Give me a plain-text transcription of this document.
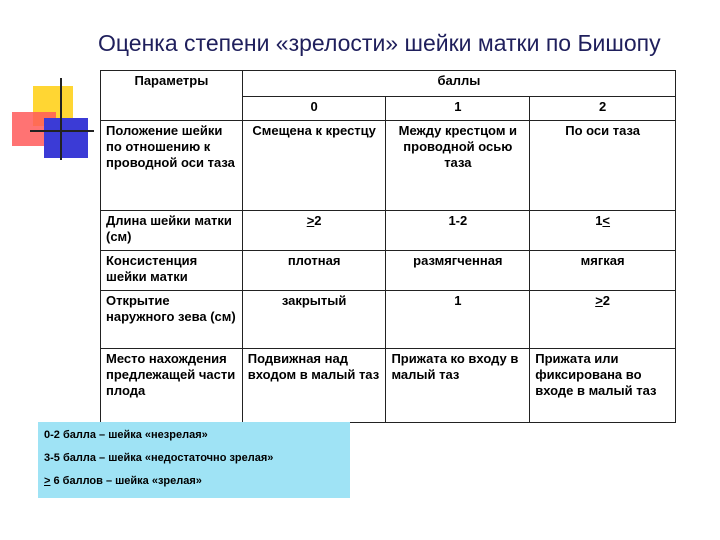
Оценка степени «зрелости» шейки матки по Бишопу
Параметры	баллы		
	0	1	2
Положение шейки по отношению к проводной оси таза	Смещена к крестцу	Между крестцом и проводной осью таза	По оси таза
Длина шейки матки (см)	≥2	1-2	1<
Консистенция шейки матки	плотная	размягченная	мягкая
Открытие наружного зева (см)	закрытый	1	≥2
Место нахождения предлежащей части плода	Подвижная над входом в малый таз	Прижата ко входу в малый таз	Прижата или фиксирована во входе в малый таз
0-2 балла – шейка «незрелая»
3-5 балла – шейка «недостаточно зрелая»
≥ 6 баллов – шейка «зрелая»
